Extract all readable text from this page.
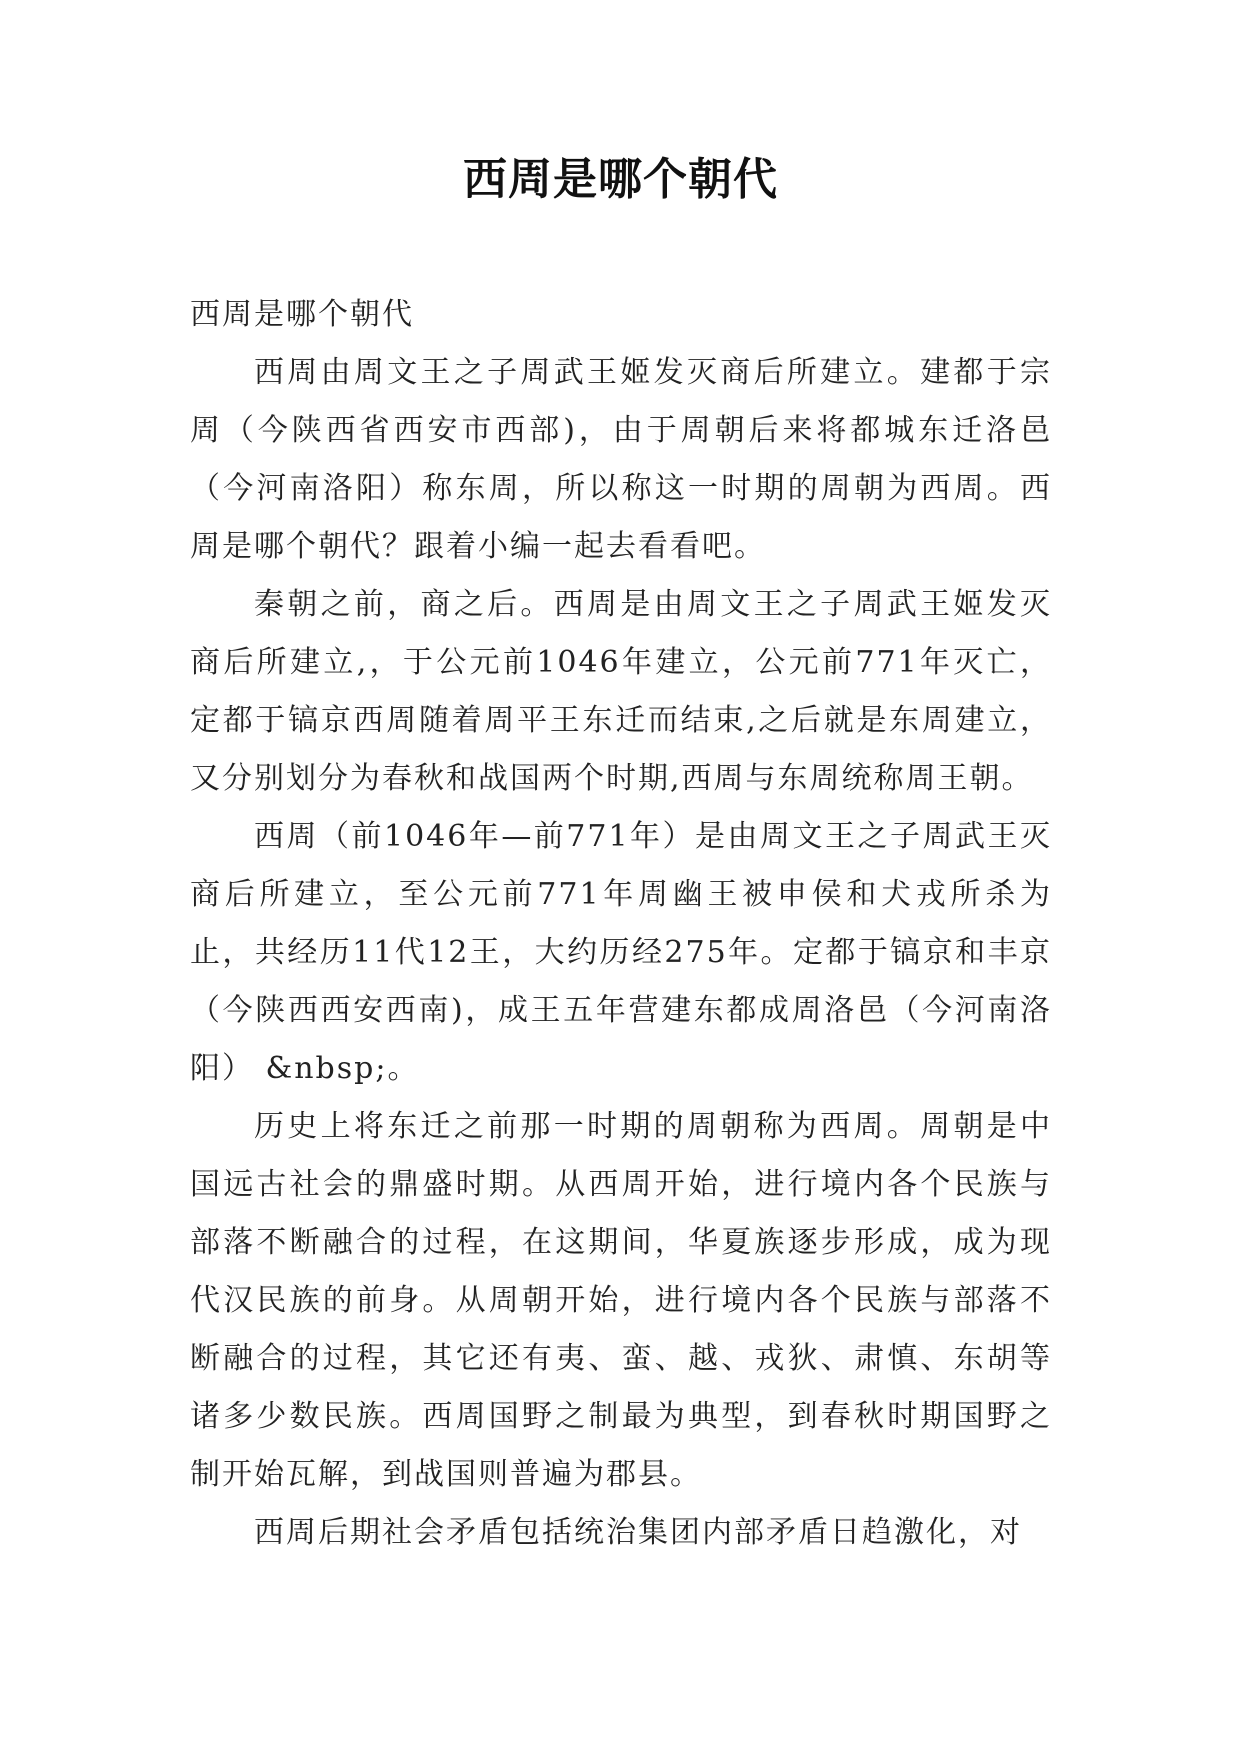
西周是哪个朝代

西周是哪个朝代

西周由周文王之子周武王姬发灭商后所建立。建都于宗周（今陕西省西安市西部)，由于周朝后来将都城东迁洛邑（今河南洛阳）称东周，所以称这一时期的周朝为西周。西周是哪个朝代？跟着小编一起去看看吧。

秦朝之前，商之后。西周是由周文王之子周武王姬发灭商后所建立,，于公元前1046年建立，公元前771年灭亡，定都于镐京西周随着周平王东迁而结束,之后就是东周建立，又分别划分为春秋和战国两个时期,西周与东周统称周王朝。

西周（前1046年—前771年）是由周文王之子周武王灭商后所建立，至公元前771年周幽王被申侯和犬戎所杀为止，共经历11代12王，大约历经275年。定都于镐京和丰京（今陕西西安西南)，成王五年营建东都成周洛邑（今河南洛阳） &nbsp;。

历史上将东迁之前那一时期的周朝称为西周。周朝是中国远古社会的鼎盛时期。从西周开始，进行境内各个民族与部落不断融合的过程，在这期间，华夏族逐步形成，成为现代汉民族的前身。从周朝开始，进行境内各个民族与部落不断融合的过程，其它还有夷、蛮、越、戎狄、肃慎、东胡等诸多少数民族。西周国野之制最为典型，到春秋时期国野之制开始瓦解，到战国则普遍为郡县。

西周后期社会矛盾包括统治集团内部矛盾日趋激化，对
